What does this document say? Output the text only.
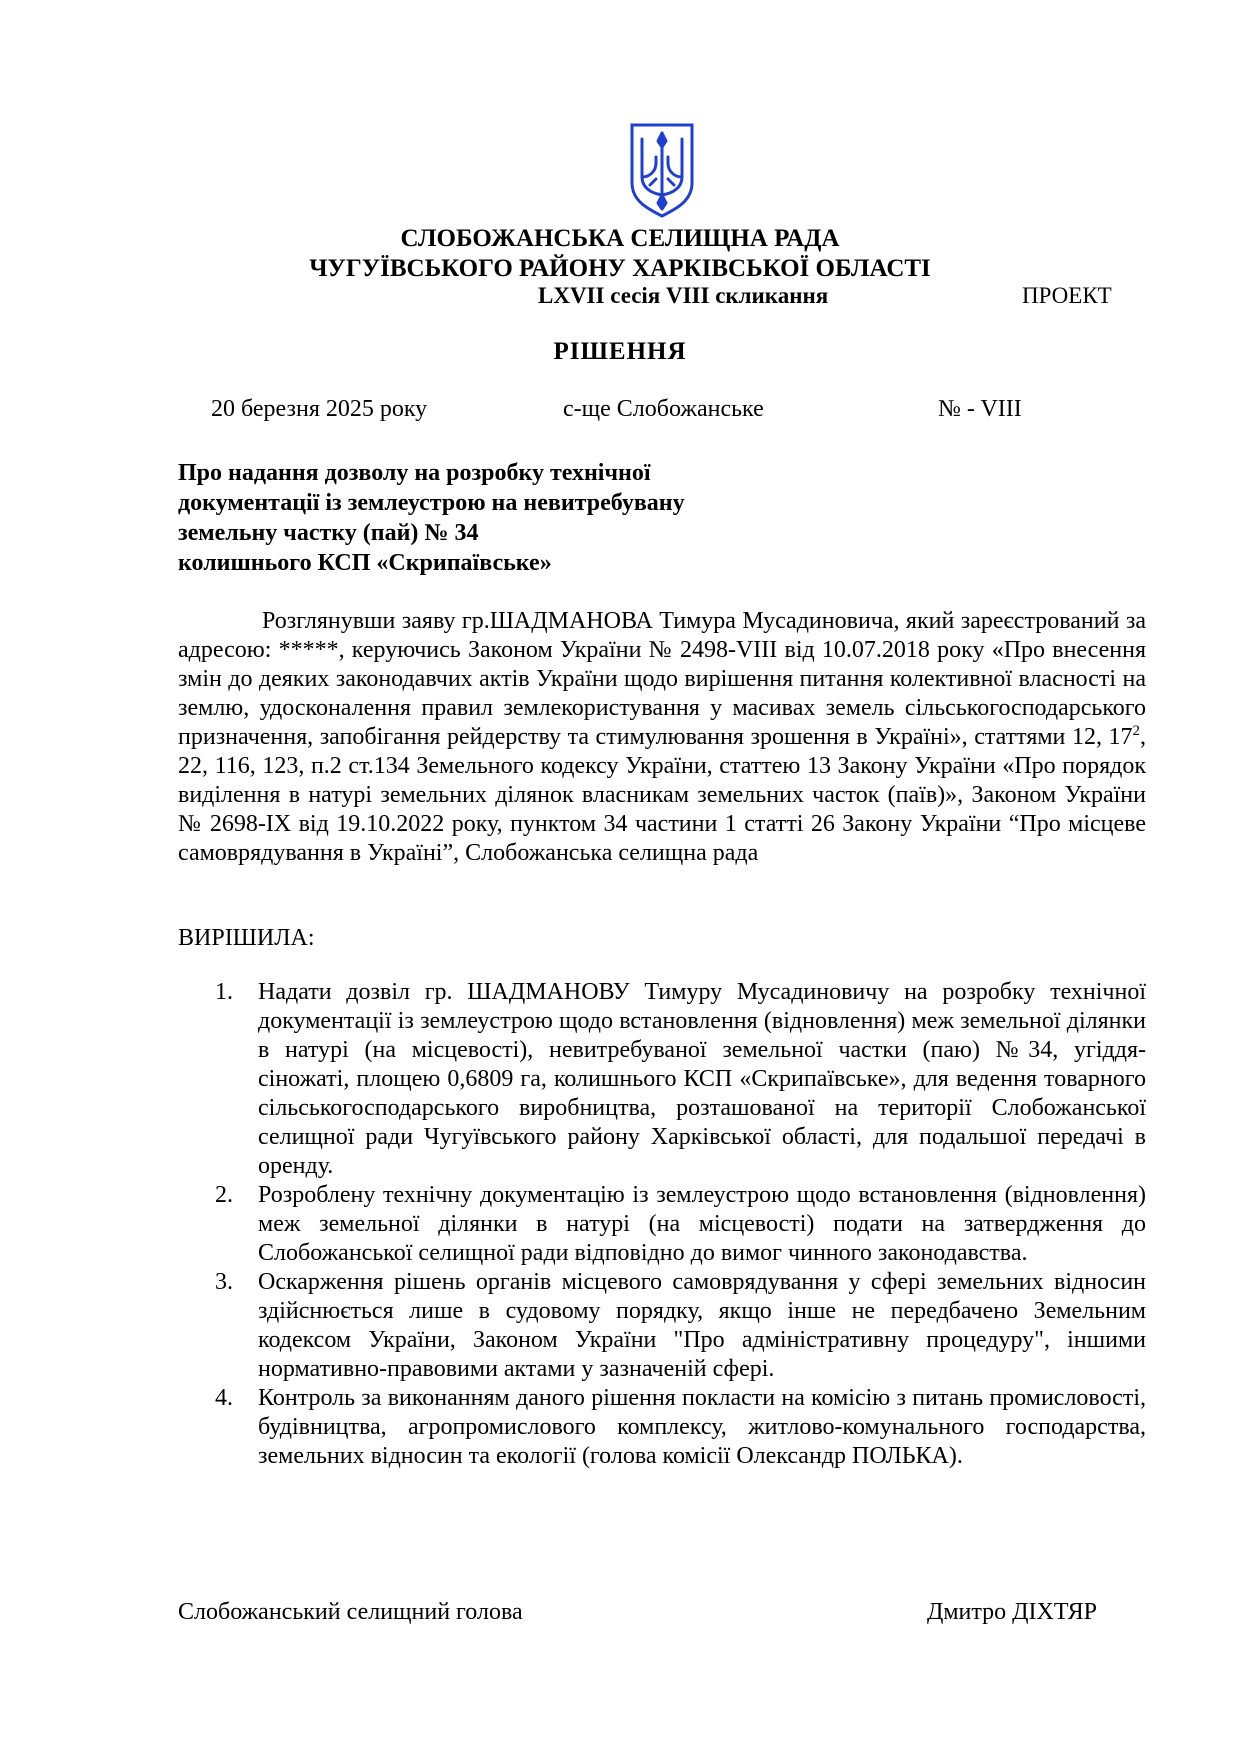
СЛОБОЖАНСЬКА СЕЛИЩНА РАДА
ЧУГУЇВСЬКОГО РАЙОНУ ХАРКІВСЬКОЇ ОБЛАСТІ
LXVII сесія VIII скликання	ПРОЕКТ
РІШЕННЯ
20 березня 2025 року	с-ще Слобожанське	№ - VIII
Про надання дозволу на розробку технічної
документації із землеустрою на невитребувану
земельну частку (пай) № 34
колишнього КСП «Скрипаївське»
Розглянувши заяву гр.ШАДМАНОВА Тимура Мусадиновича, який зареєстрований за адресою: *****, керуючись Законом України № 2498-VIII від 10.07.2018 року «Про внесення змін до деяких законодавчих актів України щодо вирішення питання колективної власності на землю, удосконалення правил землекористування у масивах земель сільськогосподарського призначення, запобігання рейдерству та стимулювання зрошення в Україні», статтями 12, $17^2$, 22, 116, 123, п.2 ст.134 Земельного кодексу України, статтею 13 Закону України «Про порядок виділення в натурі земельних ділянок власникам земельних часток (паїв)», Законом України № 2698-IX від 19.10.2022 року, пунктом 34 частини 1 статті 26 Закону України “Про місцеве самоврядування в Україні”, Слобожанська селищна рада
ВИРІШИЛА:
1. Надати дозвіл гр. ШАДМАНОВУ Тимуру Мусадиновичу на розробку технічної документації із землеустрою щодо встановлення (відновлення) меж земельної ділянки в натурі (на місцевості), невитребуваної земельної частки (паю) №34, угіддя- сіножаті, площею 0,6809 га, колишнього КСП «Скрипаївське», для ведення товарного сільськогосподарського виробництва, розташованої на території Слобожанської селищної ради Чугуївського району Харківської області, для подальшої передачі в оренду.
2. Розроблену технічну документацію із землеустрою щодо встановлення (відновлення) меж земельної ділянки в натурі (на місцевості) подати на затвердження до Слобожанської селищної ради відповідно до вимог чинного законодавства.
3. Оскарження рішень органів місцевого самоврядування у сфері земельних відносин здійснюється лише в судовому порядку, якщо інше не передбачено Земельним кодексом України, Законом України "Про адміністративну процедуру", іншими нормативно-правовими актами у зазначеній сфері.
4. Контроль за виконанням даного рішення покласти на комісію з питань промисловості, будівництва, агропромислового комплексу, житлово-комунального господарства, земельних відносин та екології (голова комісії Олександр ПОЛЬКА).
Слобожанський селищний голова	Дмитро ДІХТЯР
